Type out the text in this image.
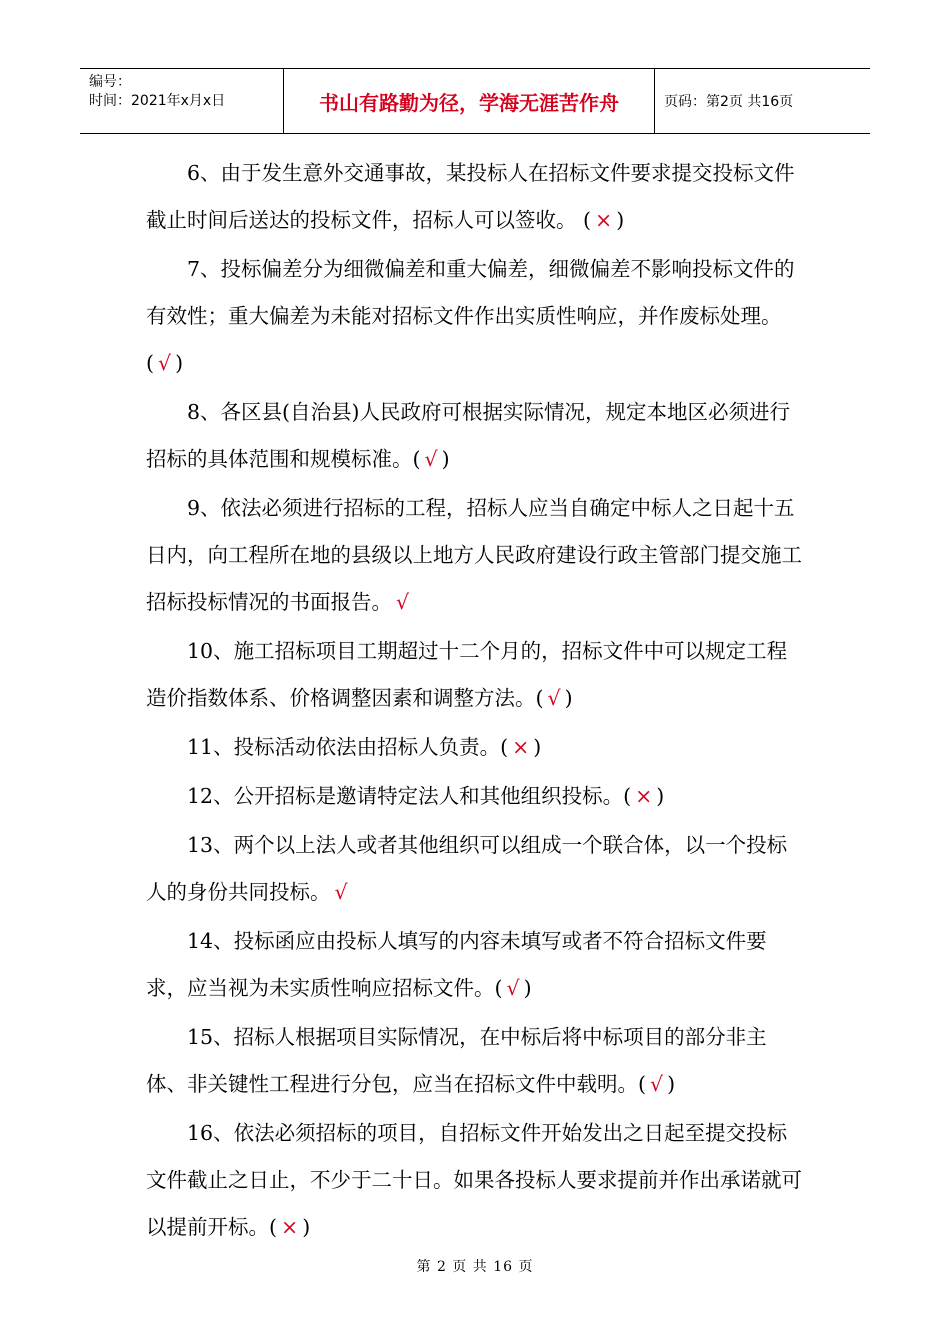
编号：
时间：2021年x月x日	书山有路勤为径，学海无涯苦作舟	页码：第2页 共16页

6、由于发生意外交通事故，某投标人在招标文件要求提交投标文件截止时间后送达的投标文件，招标人可以签收。 ( × )

7、投标偏差分为细微偏差和重大偏差，细微偏差不影响投标文件的有效性；重大偏差为未能对招标文件作出实质性响应，并作废标处理。( √ )

8、各区县(自治县)人民政府可根据实际情况，规定本地区必须进行招标的具体范围和规模标准。( √ )

9、依法必须进行招标的工程，招标人应当自确定中标人之日起十五日内，向工程所在地的县级以上地方人民政府建设行政主管部门提交施工招标投标情况的书面报告。 √

10、施工招标项目工期超过十二个月的，招标文件中可以规定工程造价指数体系、价格调整因素和调整方法。( √ )

11、投标活动依法由招标人负责。( × )

12、公开招标是邀请特定法人和其他组织投标。( × )

13、两个以上法人或者其他组织可以组成一个联合体，以一个投标人的身份共同投标。 √

14、投标函应由投标人填写的内容未填写或者不符合招标文件要求，应当视为未实质性响应招标文件。( √ )

15、招标人根据项目实际情况，在中标后将中标项目的部分非主体、非关键性工程进行分包，应当在招标文件中载明。( √ )

16、依法必须招标的项目，自招标文件开始发出之日起至提交投标文件截止之日止，不少于二十日。如果各投标人要求提前并作出承诺就可以提前开标。( × )

第 2 页 共 16 页
